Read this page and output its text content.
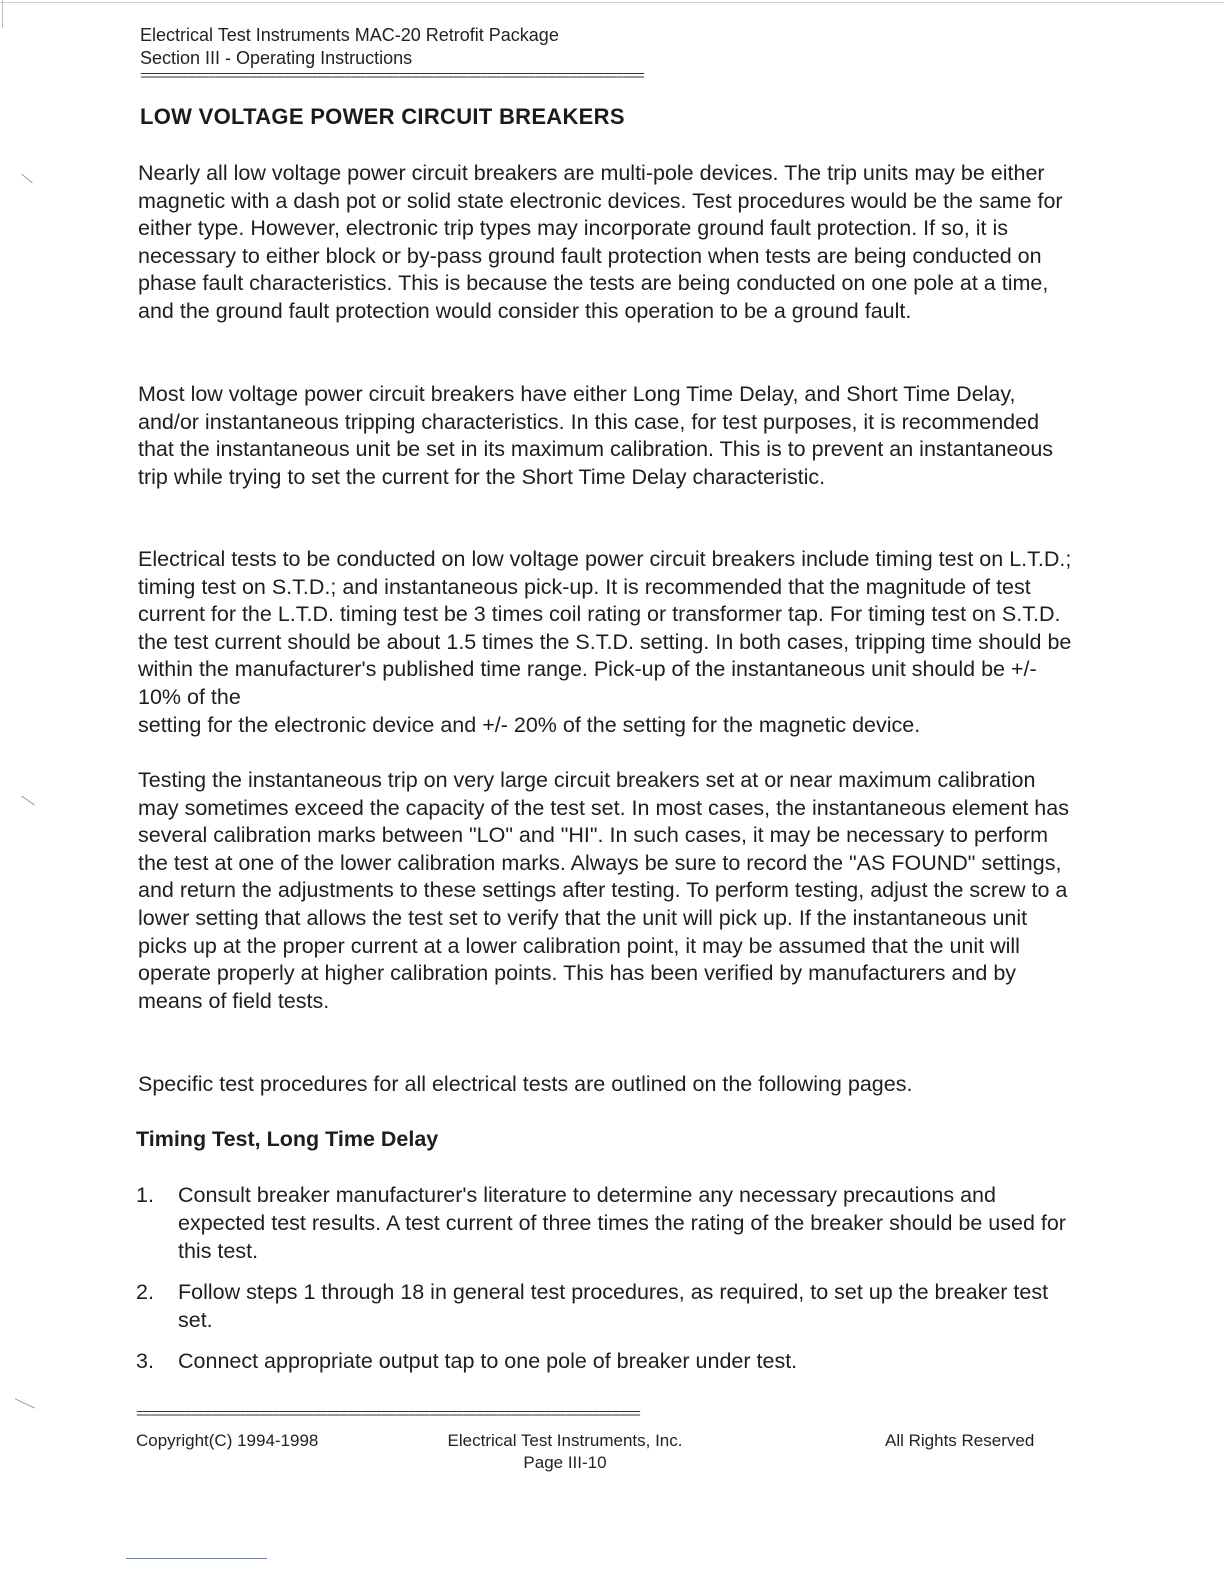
Electrical Test Instruments MAC-20 Retrofit Package
Section III - Operating Instructions
==========================================================================
LOW VOLTAGE POWER CIRCUIT BREAKERS
Nearly all low voltage power circuit breakers are multi-pole devices. The trip units may be either magnetic with a dash pot or solid state electronic devices. Test procedures would be the same for either type. However, electronic trip types may incorporate ground fault protection. If so, it is necessary to either block or by-pass ground fault protection when tests are being conducted on phase fault characteristics. This is because the tests are being conducted on one pole at a time, and the ground fault protection would consider this operation to be a ground fault.
Most low voltage power circuit breakers have either Long Time Delay, and Short Time Delay, and/or instantaneous tripping characteristics. In this case, for test purposes, it is recommended that the instantaneous unit be set in its maximum calibration. This is to prevent an instantaneous trip while trying to set the current for the Short Time Delay characteristic.
Electrical tests to be conducted on low voltage power circuit breakers include timing test on L.T.D.; timing test on S.T.D.; and instantaneous pick-up. It is recommended that the magnitude of test current for the L.T.D. timing test be 3 times coil rating or transformer tap. For timing test on S.T.D. the test current should be about 1.5 times the S.T.D. setting. In both cases, tripping time should be within the manufacturer's published time range. Pick-up of the instantaneous unit should be +/- 10% of the
setting for the electronic device and +/- 20% of the setting for the magnetic device.
Testing the instantaneous trip on very large circuit breakers set at or near maximum calibration may sometimes exceed the capacity of the test set. In most cases, the instantaneous element has several calibration marks between "LO" and "HI". In such cases, it may be necessary to perform the test at one of the lower calibration marks. Always be sure to record the "AS FOUND" settings, and return the adjustments to these settings after testing. To perform testing, adjust the screw to a lower setting that allows the test set to verify that the unit will pick up. If the instantaneous unit picks up at the proper current at a lower calibration point, it may be assumed that the unit will operate properly at higher calibration points. This has been verified by manufacturers and by means of field tests.
Specific test procedures for all electrical tests are outlined on the following pages.
Timing Test, Long Time Delay
1. Consult breaker manufacturer's literature to determine any necessary precautions and expected test results. A test current of three times the rating of the breaker should be used for this test.
2. Follow steps 1 through 18 in general test procedures, as required, to set up the breaker test set.
3. Connect appropriate output tap to one pole of breaker under test.
==========================================================================
Copyright(C) 1994-1998	Electrical Test Instruments, Inc.
Page III-10
All Rights Reserved
